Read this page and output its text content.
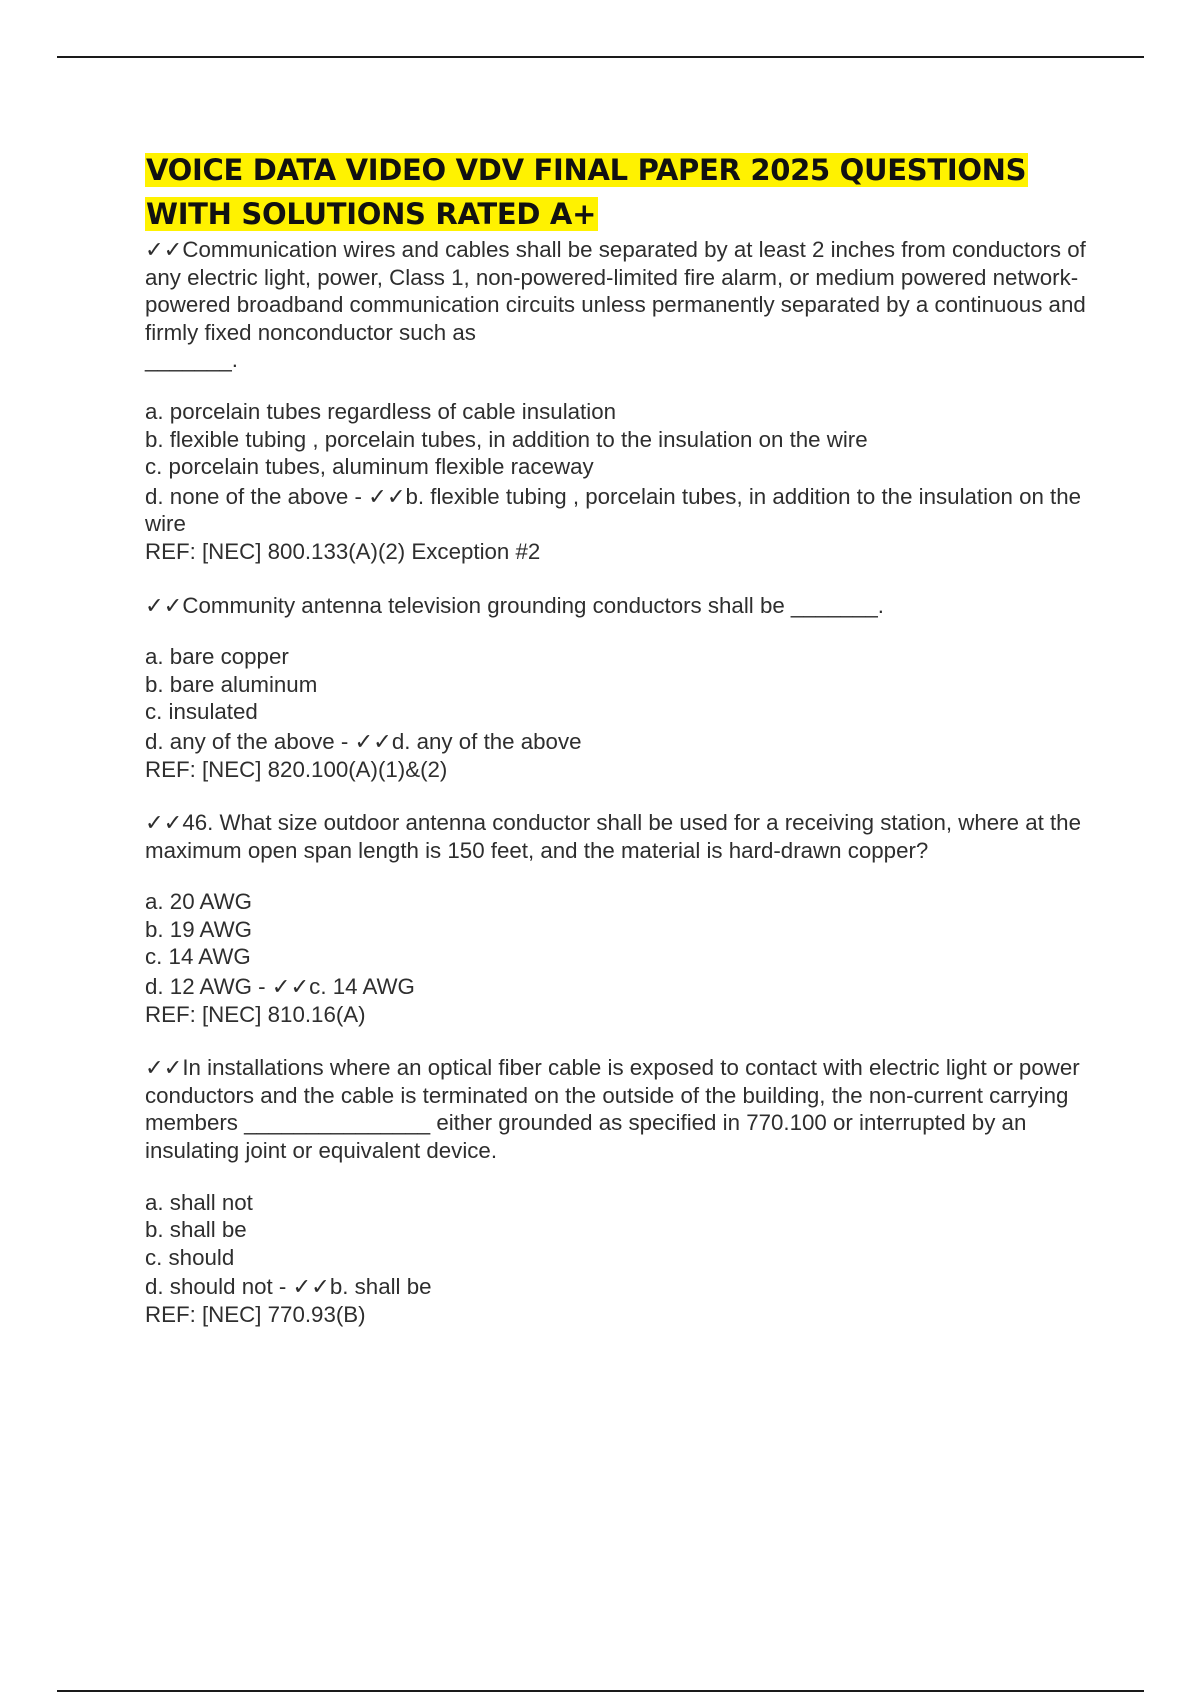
VOICE DATA VIDEO VDV FINAL PAPER 2025 QUESTIONS
WITH SOLUTIONS RATED A+

✓✓Communication wires and cables shall be separated by at least 2 inches from conductors of any electric light, power, Class 1, non-powered-limited fire alarm, or medium powered network-powered broadband communication circuits unless permanently separated by a continuous and firmly fixed nonconductor such as

_______.

a. porcelain tubes regardless of cable insulation

b. flexible tubing , porcelain tubes, in addition to the insulation on the wire

c. porcelain tubes, aluminum flexible raceway

d. none of the above - ✓✓b. flexible tubing , porcelain tubes, in addition to the insulation on the wire

REF: [NEC] 800.133(A)(2) Exception #2

✓✓Community antenna television grounding conductors shall be _______.

a. bare copper

b. bare aluminum

c. insulated

d. any of the above - ✓✓d. any of the above

REF: [NEC] 820.100(A)(1)&(2)

✓✓46. What size outdoor antenna conductor shall be used for a receiving station, where at the maximum open span length is 150 feet, and the material is hard-drawn copper?

a. 20 AWG

b. 19 AWG

c. 14 AWG

d. 12 AWG - ✓✓c. 14 AWG

REF: [NEC] 810.16(A)

✓✓In installations where an optical fiber cable is exposed to contact with electric light or power conductors and the cable is terminated on the outside of the building, the non-current carrying members _______________ either grounded as specified in 770.100 or interrupted by an insulating joint or equivalent device.

a. shall not

b. shall be

c. should

d. should not - ✓✓b. shall be

REF: [NEC] 770.93(B)
